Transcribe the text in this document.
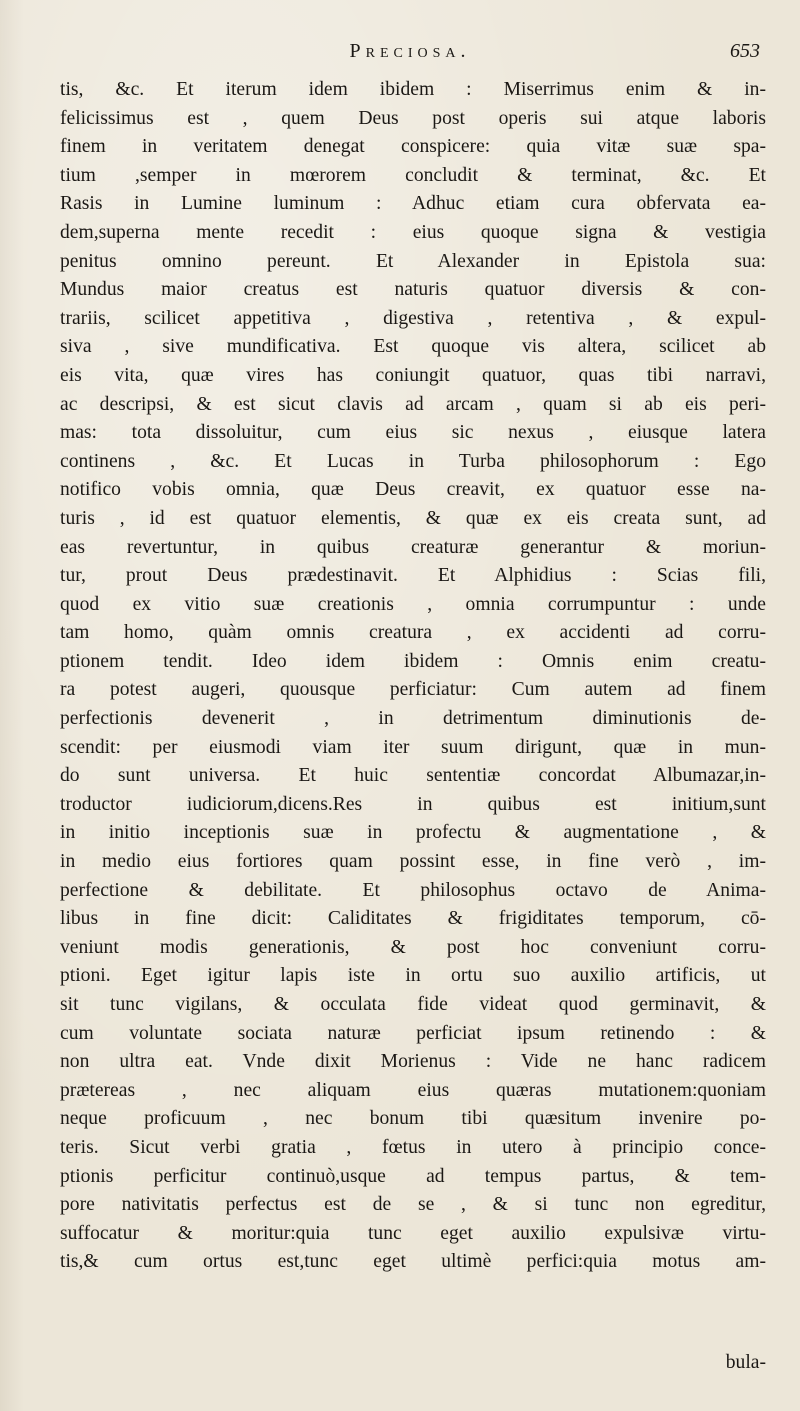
Preciosa.	653
tis, &c. Et iterum idem ibidem : Miserrimus enim & in-
felicissimus est , quem Deus post operis sui atque laboris
finem in veritatem denegat conspicere: quia vitæ suæ spa-
tium ,semper in mœrorem concludit & terminat, &c. Et
Rasis in Lumine luminum : Adhuc etiam cura obfervata ea-
dem,superna mente recedit : eius quoque signa & vestigia
penitus omnino pereunt. Et Alexander in Epistola sua:
Mundus maior creatus est naturis quatuor diversis & con-
trariis, scilicet appetitiva , digestiva , retentiva , & expul-
siva , sive mundificativa. Est quoque vis altera, scilicet ab
eis vita, quæ vires has coniungit quatuor, quas tibi narravi,
ac descripsi, & est sicut clavis ad arcam , quam si ab eis peri-
mas: tota dissoluitur, cum eius sic nexus , eiusque latera
continens , &c. Et Lucas in Turba philosophorum : Ego
notifico vobis omnia, quæ Deus creavit, ex quatuor esse na-
turis , id est quatuor elementis, & quæ ex eis creata sunt, ad
eas revertuntur, in quibus creaturæ generantur & moriun-
tur, prout Deus prædestinavit. Et Alphidius : Scias fili,
quod ex vitio suæ creationis , omnia corrumpuntur : unde
tam homo, quàm omnis creatura , ex accidenti ad corru-
ptionem tendit. Ideo idem ibidem : Omnis enim creatu-
ra potest augeri, quousque perficiatur: Cum autem ad finem
perfectionis devenerit , in detrimentum diminutionis de-
scendit: per eiusmodi viam iter suum dirigunt, quæ in mun-
do sunt universa. Et huic sententiæ concordat Albumazar,in-
troductor iudiciorum,dicens.Res in quibus est initium,sunt
in initio inceptionis suæ in profectu & augmentatione , &
in medio eius fortiores quam possint esse, in fine verò , im-
perfectione & debilitate. Et philosophus octavo de Anima-
libus in fine dicit: Caliditates & frigiditates temporum, cō-
veniunt modis generationis, & post hoc conveniunt corru-
ptioni. Eget igitur lapis iste in ortu suo auxilio artificis, ut
sit tunc vigilans, & occulata fide videat quod germinavit, &
cum voluntate sociata naturæ perficiat ipsum retinendo : &
non ultra eat. Vnde dixit Morienus : Vide ne hanc radicem
prætereas , nec aliquam eius quæras mutationem:quoniam
neque proficuum , nec bonum tibi quæsitum invenire po-
teris. Sicut verbi gratia , fœtus in utero à principio conce-
ptionis perficitur continuò,usque ad tempus partus, & tem-
pore nativitatis perfectus est de se , & si tunc non egreditur,
suffocatur & moritur:quia tunc eget auxilio expulsivæ virtu-
tis,& cum ortus est,tunc eget ultimè perfici:quia motus am-
bula-
